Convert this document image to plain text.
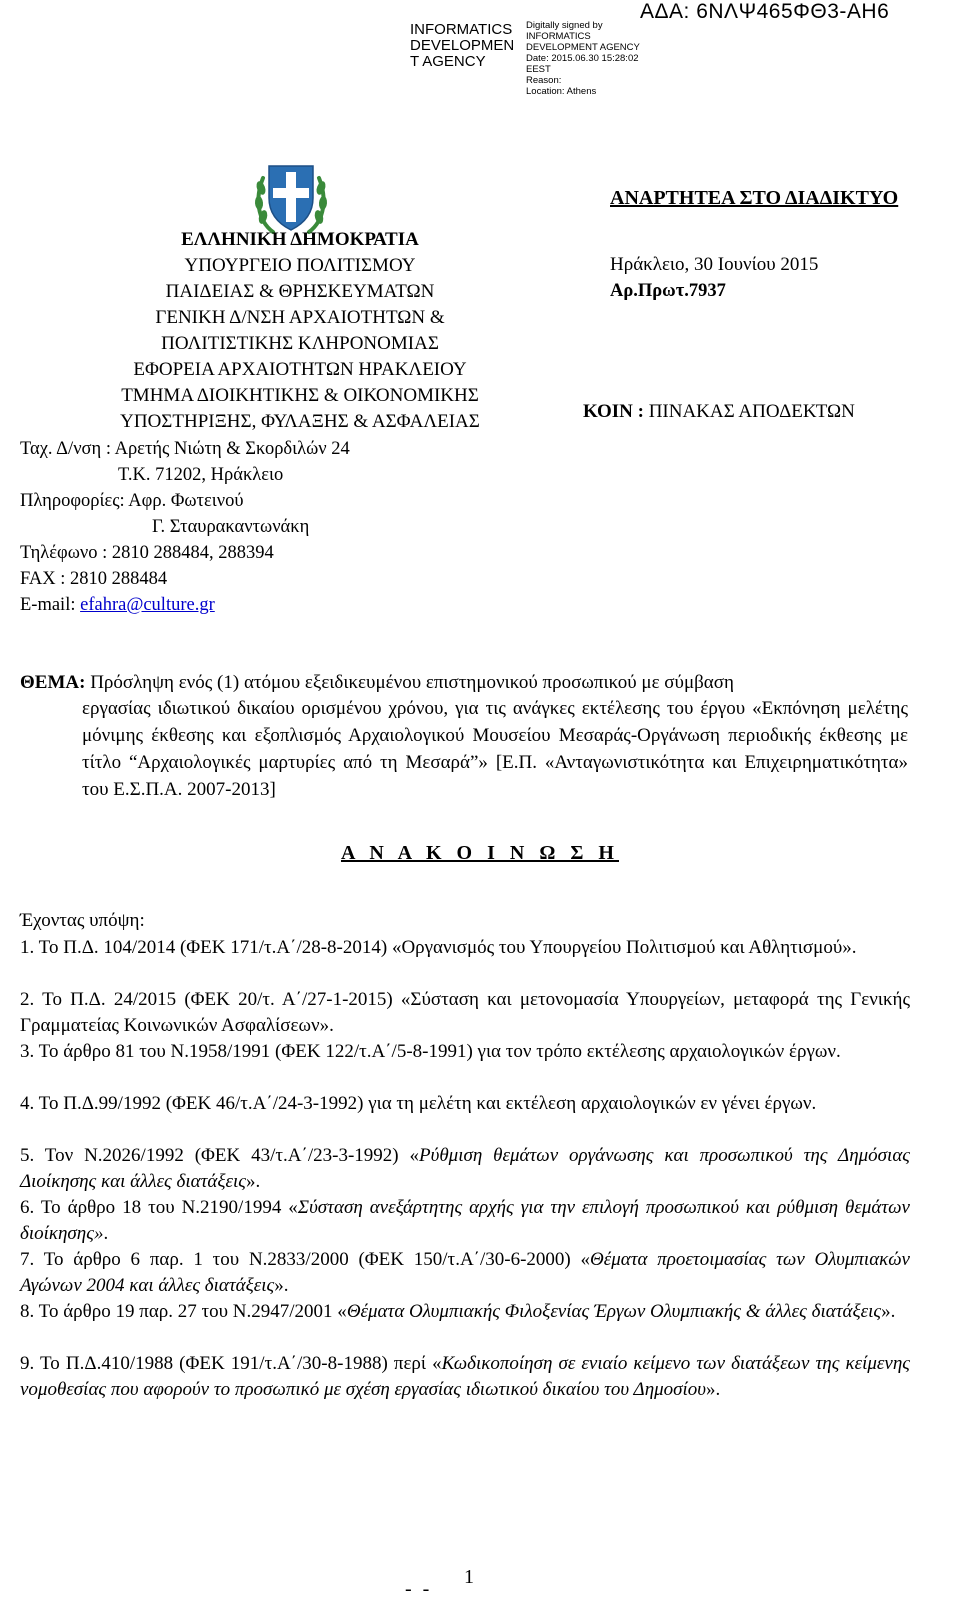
INFORMATICS DEVELOPMEN T AGENCY
Digitally signed by
INFORMATICS
DEVELOPMENT AGENCY
Date: 2015.06.30 15:28:02
EEST
Reason:
Location: Athens
ΑΔΑ: 6ΝΛΨ465ΦΘ3-ΑΗ6
ΕΛΛΗΝΙΚΗ ΔΗΜΟΚΡΑΤΙΑ
ΥΠΟΥΡΓΕΙΟ ΠΟΛΙΤΙΣΜΟΥ
ΠΑΙΔΕΙΑΣ & ΘΡΗΣΚΕΥΜΑΤΩΝ
ΓΕΝΙΚΗ Δ/ΝΣΗ ΑΡΧΑΙΟΤΗΤΩΝ &
ΠΟΛΙΤΙΣΤΙΚΗΣ ΚΛΗΡΟΝΟΜΙΑΣ
ΕΦΟΡΕΙΑ ΑΡΧΑΙΟΤΗΤΩΝ ΗΡΑΚΛΕΙΟΥ
ΤΜΗΜΑ ΔΙΟΙΚΗΤΙΚΗΣ & ΟΙΚΟΝΟΜΙΚΗΣ
ΥΠΟΣΤΗΡΙΞΗΣ, ΦΥΛΑΞΗΣ & ΑΣΦΑΛΕΙΑΣ
Ταχ. Δ/νση : Αρετής Νιώτη & Σκορδιλών 24
Τ.Κ. 71202, Ηράκλειο
Πληροφορίες: Αφρ. Φωτεινού
Γ. Σταυρακαντωνάκη
Τηλέφωνο : 2810 288484, 288394
FAX : 2810 288484
E-mail: efahra@culture.gr
ΑΝΑΡΤΗΤΕΑ ΣΤΟ ΔΙΑΔΙΚΤΥΟ
Ηράκλειο, 30 Ιουνίου 2015
Αρ.Πρωτ.7937
ΚΟΙΝ : ΠΙΝΑΚΑΣ ΑΠΟΔΕΚΤΩΝ
ΘΕΜΑ: Πρόσληψη ενός (1) ατόμου εξειδικευμένου επιστημονικού προσωπικού με σύμβαση
εργασίας ιδιωτικού δικαίου ορισμένου χρόνου, για τις ανάγκες εκτέλεσης του έργου «Εκπόνηση μελέτης μόνιμης έκθεσης και εξοπλισμός Αρχαιολογικού Μουσείου Μεσαράς-Οργάνωση περιοδικής έκθεσης με τίτλο “Αρχαιολογικές μαρτυρίες από τη Μεσαρά”» [Ε.Π. «Ανταγωνιστικότητα και Επιχειρηματικότητα» του Ε.Σ.Π.Α. 2007-2013]
Α Ν Α Κ Ο Ι Ν Ω Σ Η
Έχοντας υπόψη:
1. Το Π.Δ. 104/2014 (ΦΕΚ 171/τ.Α΄/28-8-2014) «Οργανισμός του Υπουργείου Πολιτισμού και Αθλητισμού».
2. Το Π.Δ. 24/2015 (ΦΕΚ 20/τ. Α΄/27-1-2015) «Σύσταση και μετονομασία Υπουργείων, μεταφορά της Γενικής Γραμματείας Κοινωνικών Ασφαλίσεων».
3. Το άρθρο 81 του Ν.1958/1991 (ΦΕΚ 122/τ.Α΄/5-8-1991) για τον τρόπο εκτέλεσης αρχαιολογικών έργων.
4. Το Π.Δ.99/1992 (ΦΕΚ 46/τ.Α΄/24-3-1992) για τη μελέτη και εκτέλεση αρχαιολογικών εν γένει έργων.
5. Τον Ν.2026/1992 (ΦΕΚ 43/τ.Α΄/23-3-1992) «Ρύθμιση θεμάτων οργάνωσης και προσωπικού της Δημόσιας Διοίκησης και άλλες διατάξεις».
6. Το άρθρο 18 του Ν.2190/1994 «Σύσταση ανεξάρτητης αρχής για την επιλογή προσωπικού και ρύθμιση θεμάτων διοίκησης».
7. Το άρθρο 6 παρ. 1 του Ν.2833/2000 (ΦΕΚ 150/τ.Α΄/30-6-2000) «Θέματα προετοιμασίας των Ολυμπιακών Αγώνων 2004 και άλλες διατάξεις».
8. Το άρθρο 19 παρ. 27 του Ν.2947/2001 «Θέματα Ολυμπιακής Φιλοξενίας Έργων Ολυμπιακής & άλλες διατάξεις».
9. Το Π.Δ.410/1988 (ΦΕΚ 191/τ.Α΄/30-8-1988) περί «Κωδικοποίηση σε ενιαίο κείμενο των διατάξεων της κείμενης νομοθεσίας που αφορούν το προσωπικό με σχέση εργασίας ιδιωτικού δικαίου του Δημοσίου».
- -
1
